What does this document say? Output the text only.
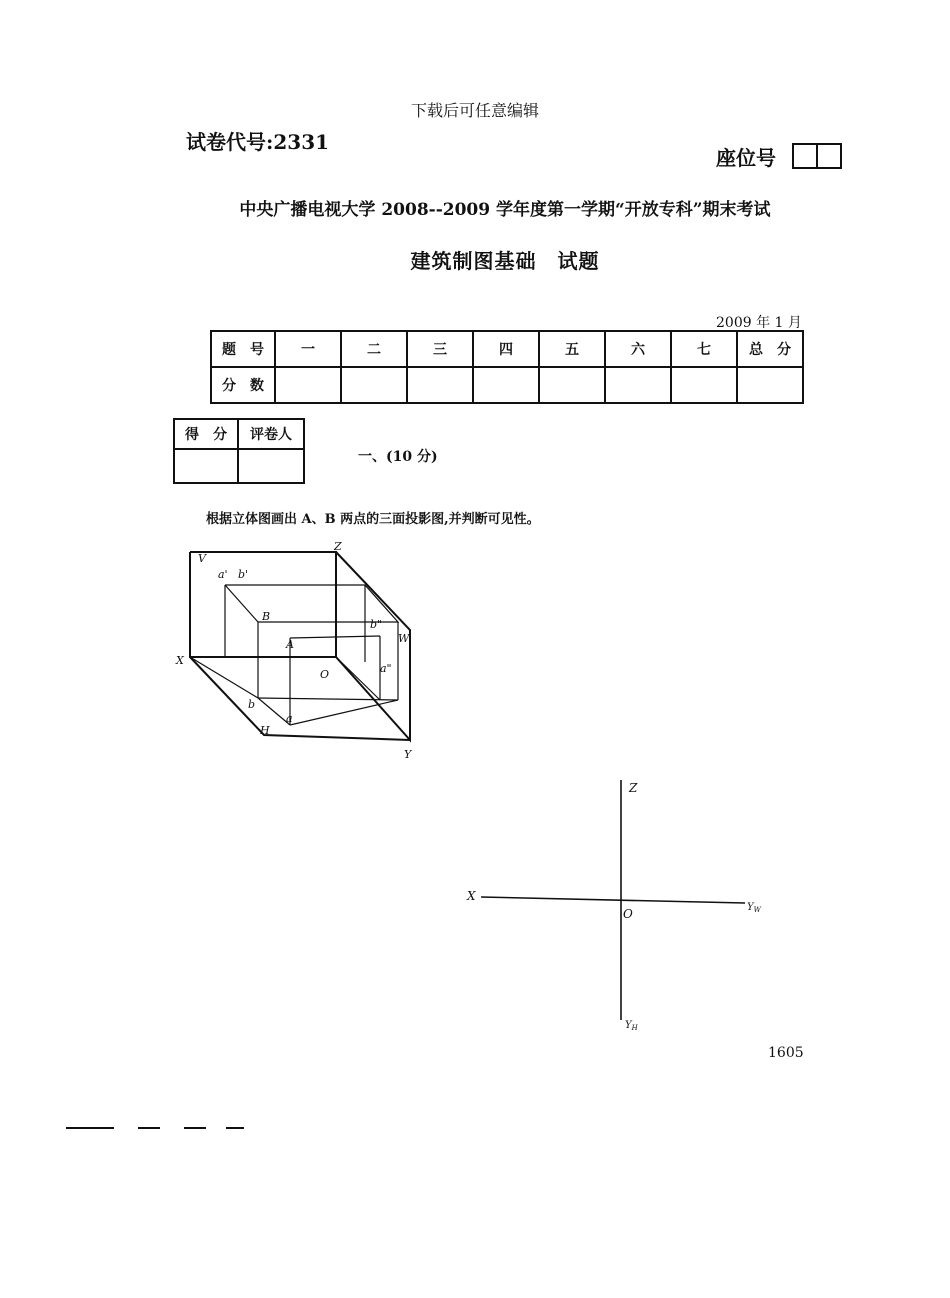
下载后可任意编辑
试卷代号:2331
座位号
中央广播电视大学 2008--2009 学年度第一学期“开放专科”期末考试
建筑制图基础　试题
2009 年 1 月
题　号	一	二	三	四	五	六	七	总　分
分　数								
得　分	评卷人

一、(10 分)
根据立体图画出 A、B 两点的三面投影图,并判断可见性。
V
Z
X
O
H
Y
W
a' b'
B
A
b"
a"
b
a
Z
X
O	$Y_W$
$Y_H$
1605
